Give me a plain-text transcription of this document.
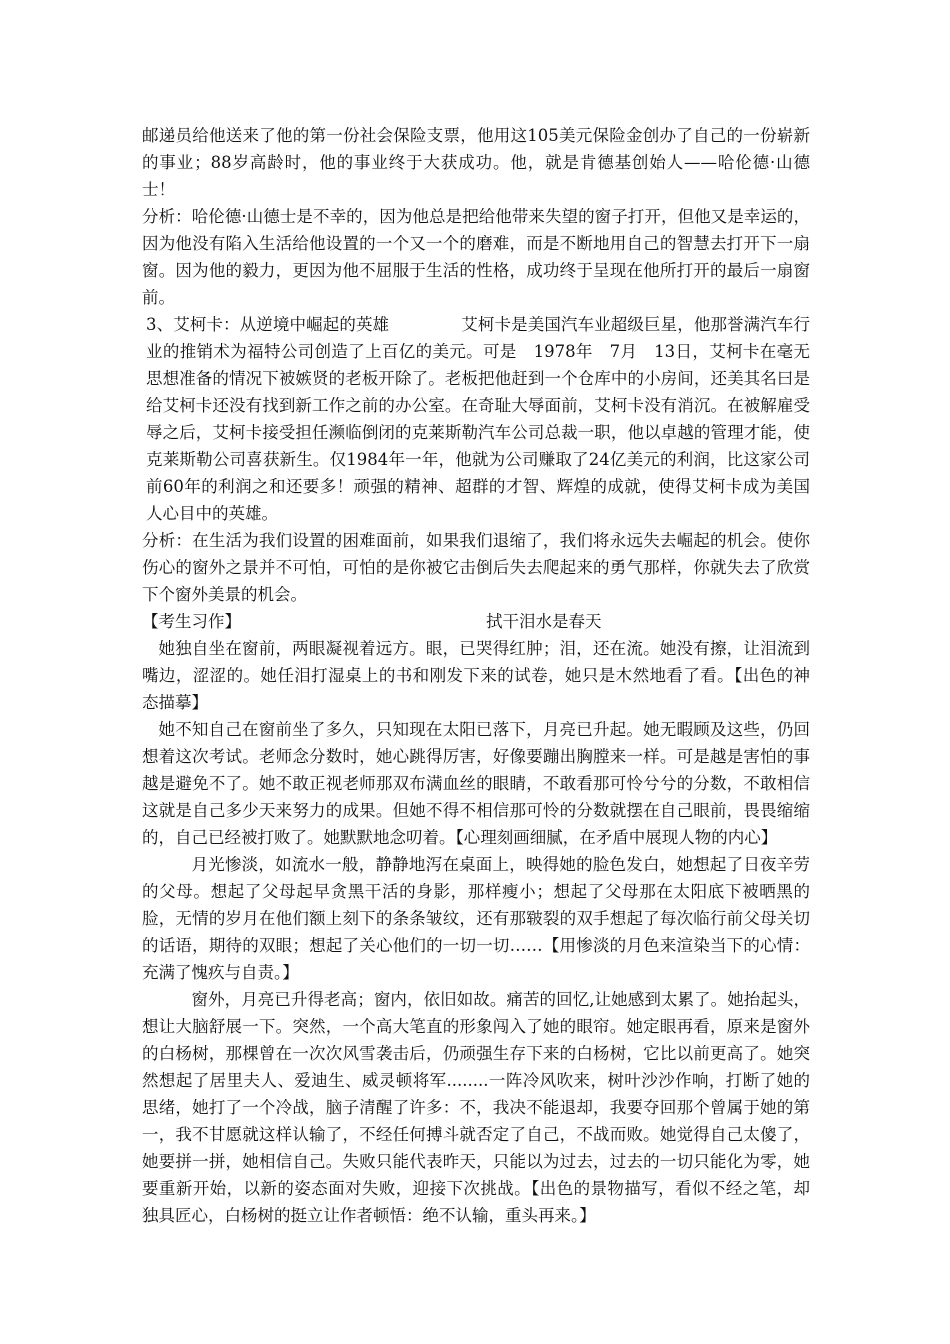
邮递员给他送来了他的第一份社会保险支票，他用这105美元保险金创办了自己的一份崭新的事业；88岁高龄时，他的事业终于大获成功。他，就是肯德基创始人——哈伦德·山德士！

分析：哈伦德·山德士是不幸的，因为他总是把给他带来失望的窗子打开，但他又是幸运的，因为他没有陷入生活给他设置的一个又一个的磨难，而是不断地用自己的智慧去打开下一扇窗。因为他的毅力，更因为他不屈服于生活的性格，成功终于呈现在他所打开的最后一扇窗前。

3、艾柯卡：从逆境中崛起的英雄	艾柯卡是美国汽车业超级巨星，他那誉满汽车行业的推销术为福特公司创造了上百亿的美元。可是　1978年　7月　13日，艾柯卡在毫无思想准备的情况下被嫉贤的老板开除了。老板把他赶到一个仓库中的小房间，还美其名曰是给艾柯卡还没有找到新工作之前的办公室。在奇耻大辱面前，艾柯卡没有消沉。在被解雇受辱之后，艾柯卡接受担任濒临倒闭的克莱斯勒汽车公司总裁一职，他以卓越的管理才能，使克莱斯勒公司喜获新生。仅1984年一年，他就为公司赚取了24亿美元的利润，比这家公司前60年的利润之和还要多！顽强的精神、超群的才智、辉煌的成就，使得艾柯卡成为美国人心目中的英雄。

分析：在生活为我们设置的困难面前，如果我们退缩了，我们将永远失去崛起的机会。使你伤心的窗外之景并不可怕，可怕的是你被它击倒后失去爬起来的勇气那样，你就失去了欣赏下个窗外美景的机会。

【考生习作】	拭干泪水是春天

她独自坐在窗前，两眼凝视着远方。眼，已哭得红肿；泪，还在流。她没有擦，让泪流到嘴边，涩涩的。她任泪打湿桌上的书和刚发下来的试卷，她只是木然地看了看。【出色的神态描摹】

她不知自己在窗前坐了多久，只知现在太阳已落下，月亮已升起。她无暇顾及这些，仍回想着这次考试。老师念分数时，她心跳得厉害，好像要蹦出胸膛来一样。可是越是害怕的事越是避免不了。她不敢正视老师那双布满血丝的眼睛，不敢看那可怜兮兮的分数，不敢相信这就是自己多少天来努力的成果。但她不得不相信那可怜的分数就摆在自己眼前，畏畏缩缩的，自己已经被打败了。她默默地念叨着。【心理刻画细腻，在矛盾中展现人物的内心】

月光惨淡，如流水一般，静静地泻在桌面上，映得她的脸色发白，她想起了日夜辛劳的父母。想起了父母起早贪黑干活的身影，那样瘦小；想起了父母那在太阳底下被晒黑的脸，无情的岁月在他们额上刻下的条条皱纹，还有那皲裂的双手想起了每次临行前父母关切的话语，期待的双眼；想起了关心他们的一切一切……【用惨淡的月色来渲染当下的心情：充满了愧疚与自责。】

窗外，月亮已升得老高；窗内，依旧如故。痛苦的回忆,让她感到太累了。她抬起头，想让大脑舒展一下。突然，一个高大笔直的形象闯入了她的眼帘。她定眼再看，原来是窗外的白杨树，那棵曾在一次次风雪袭击后，仍顽强生存下来的白杨树，它比以前更高了。她突然想起了居里夫人、爱迪生、威灵顿将军........一阵冷风吹来，树叶沙沙作响，打断了她的思绪，她打了一个冷战，脑子清醒了许多：不，我决不能退却，我要夺回那个曾属于她的第一，我不甘愿就这样认输了，不经任何搏斗就否定了自己，不战而败。她觉得自己太傻了，她要拼一拼，她相信自己。失败只能代表昨天，只能以为过去，过去的一切只能化为零，她要重新开始，以新的姿态面对失败，迎接下次挑战。【出色的景物描写，看似不经之笔，却独具匠心，白杨树的挺立让作者顿悟：绝不认输，重头再来。】
